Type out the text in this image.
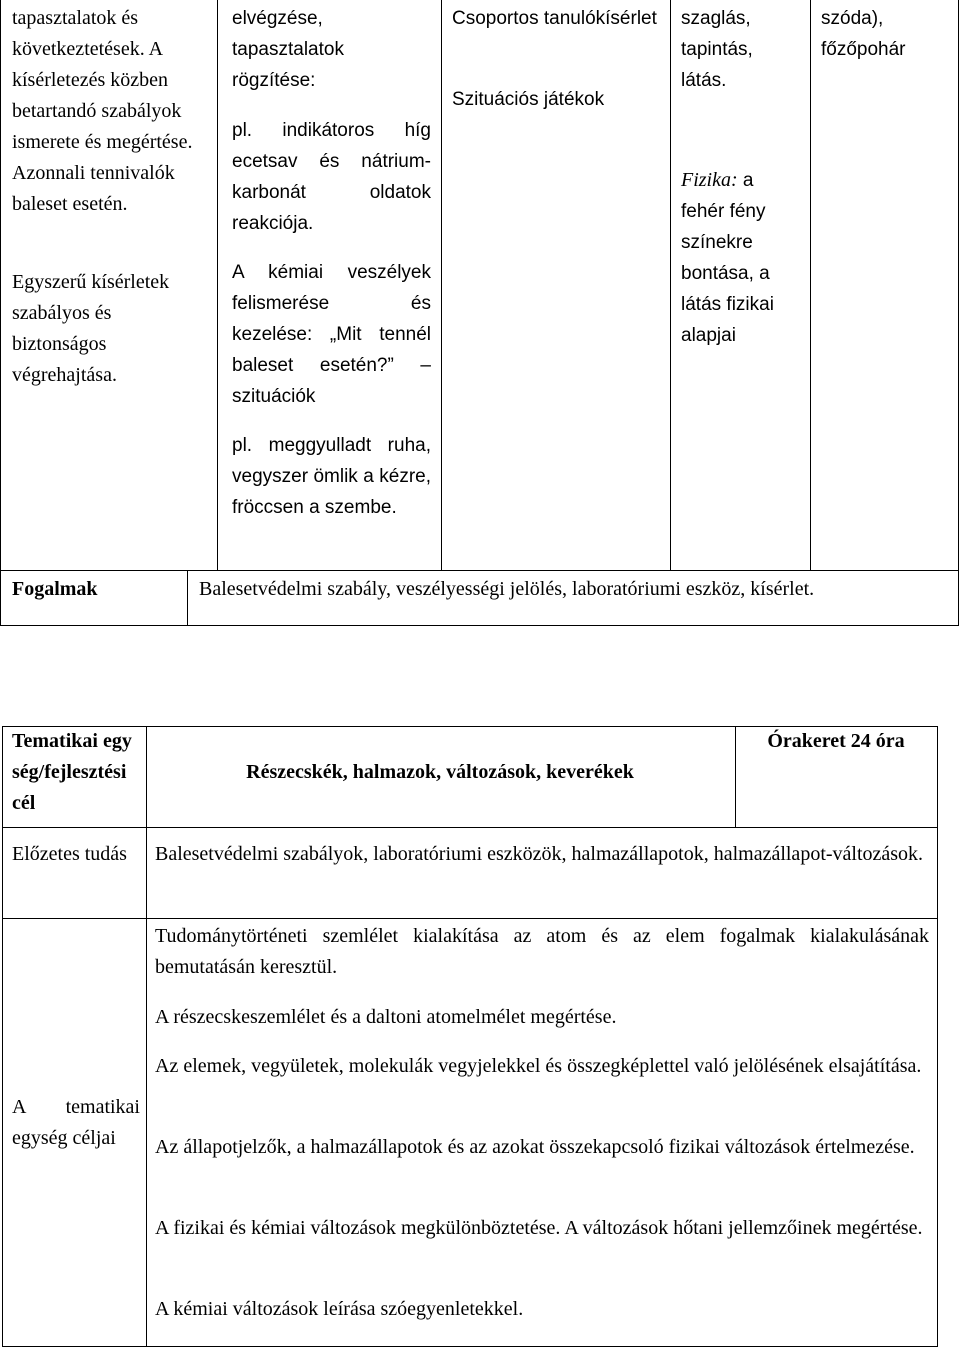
tapasztalatok és következtetések. A kísérletezés közben betartandó szabályok ismerete és megértése. Azonnali tennivalók baleset esetén.
Egyszerű kísérletek szabályos és biztonságos végrehajtása.
elvégzése, tapasztalatok rögzítése:
pl. indikátoros híg ecetsav és nátrium-karbonát oldatok reakciója.
A kémiai veszélyek felismerése és kezelése: „Mit tennél baleset esetén?” – szituációk
pl. meggyulladt ruha, vegyszer ömlik a kézre, fröccsen a szembe.
Csoportos tanulókísérlet
Szituációs játékok
szaglás, tapintás, látás.
Fizika: a fehér fény színekre bontása, a látás fizikai alapjai
szóda), főzőpohár
Fogalmak	Balesetvédelmi szabály, veszélyességi jelölés, laboratóriumi eszköz, kísérlet.
Tematikai egység/fejlesztési cél
Részecskék, halmazok, változások, keverékek
Órakeret 24 óra
Előzetes tudás	Balesetvédelmi szabályok, laboratóriumi eszközök, halmazállapotok, halmazállapot-változások.
A tematikai egység céljai
Tudománytörténeti szemlélet kialakítása az atom és az elem fogalmak kialakulásának bemutatásán keresztül.
A részecskeszemlélet és a daltoni atomelmélet megértése.
Az elemek, vegyületek, molekulák vegyjelekkel és összegképlettel való jelölésének elsajátítása.
Az állapotjelzők, a halmazállapotok és az azokat összekapcsoló fizikai változások értelmezése.
A fizikai és kémiai változások megkülönböztetése. A változások hőtani jellemzőinek megértése.
A kémiai változások leírása szóegyenletekkel.
